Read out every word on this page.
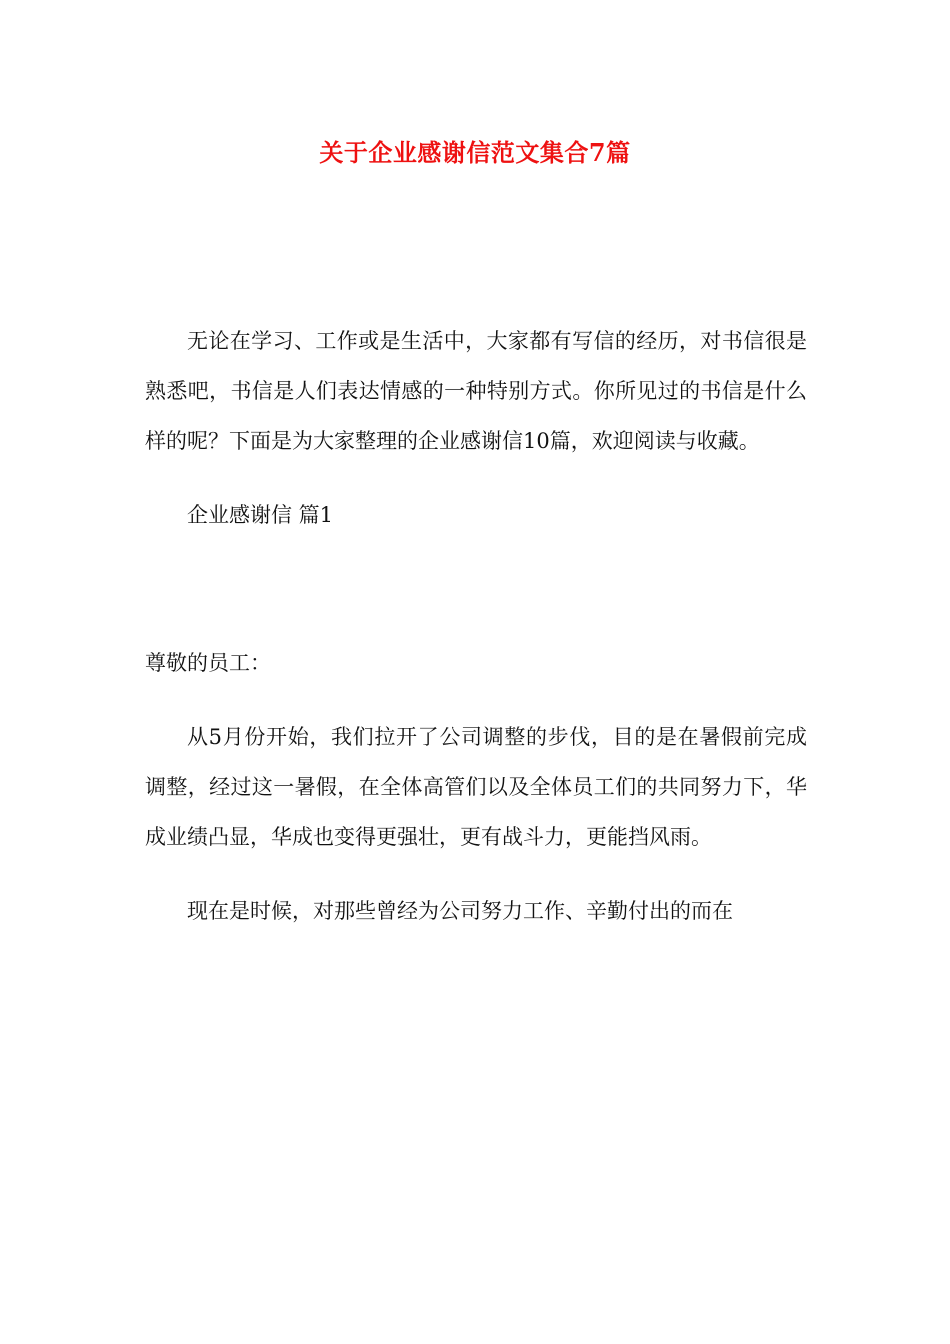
关于企业感谢信范文集合7篇

无论在学习、工作或是生活中，大家都有写信的经历，对书信很是熟悉吧，书信是人们表达情感的一种特别方式。你所见过的书信是什么样的呢？下面是为大家整理的企业感谢信10篇，欢迎阅读与收藏。

企业感谢信 篇1

尊敬的员工：

从5月份开始，我们拉开了公司调整的步伐，目的是在暑假前完成调整，经过这一暑假，在全体高管们以及全体员工们的共同努力下，华成业绩凸显，华成也变得更强壮，更有战斗力，更能挡风雨。

现在是时候，对那些曾经为公司努力工作、辛勤付出的而在
